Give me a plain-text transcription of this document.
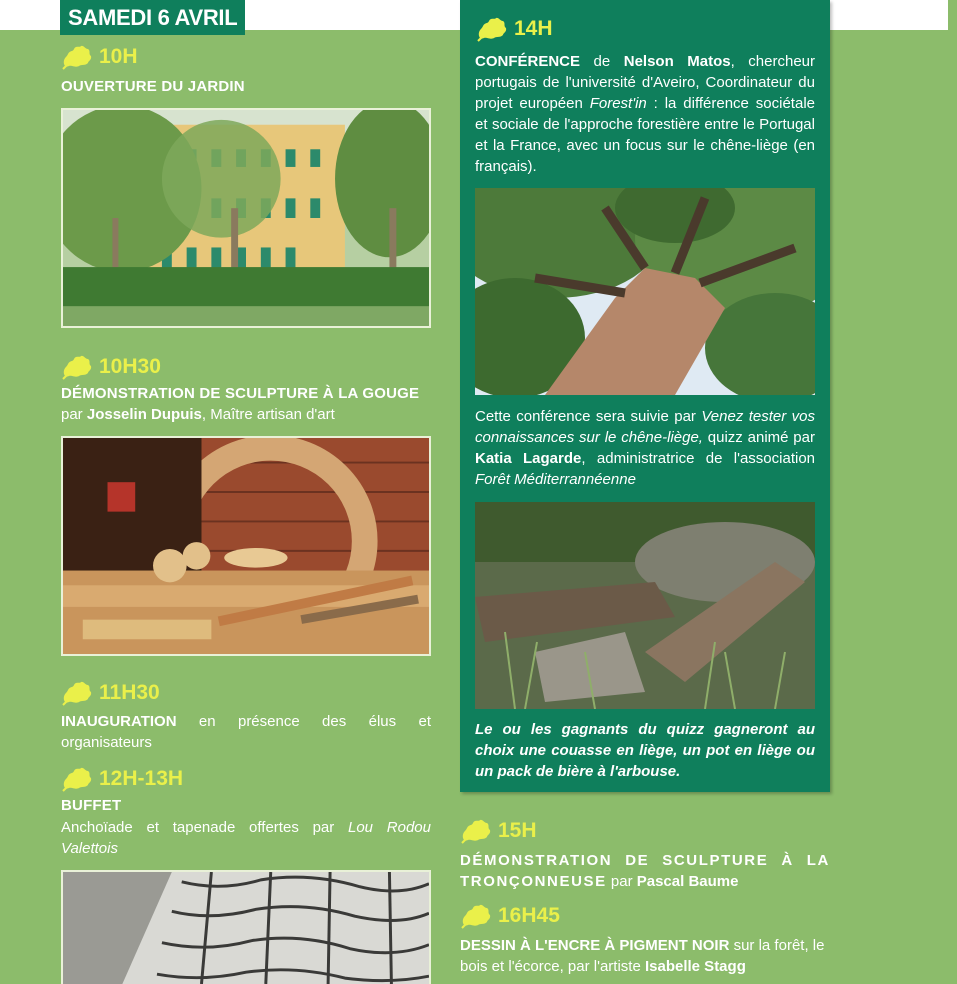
SAMEDI 6 AVRIL
10H
OUVERTURE DU JARDIN
10H30
DÉMONSTRATION DE SCULPTURE À LA GOUGE
par Josselin Dupuis, Maître artisan d'art
11H30
INAUGURATION en présence des élus et organisateurs
12H-13H
BUFFET
Anchoïade et tapenade offertes par Lou Rodou Valettois
14H
CONFÉRENCE de Nelson Matos, chercheur portugais de l'université d'Aveiro, Coordinateur du projet européen Forest'in : la différence sociétale et sociale de l'approche forestière entre le Portugal et la France, avec un focus sur le chêne-liège (en français).
Cette conférence sera suivie par Venez tester vos connaissances sur le chêne-liège, quizz animé par Katia Lagarde, administratrice de l'association Forêt Méditerrannéenne
Le ou les gagnants du quizz gagneront au choix une couasse en liège, un pot en liège ou un pack de bière à l'arbouse.
15H
DÉMONSTRATION DE SCULPTURE À LA TRONÇONNEUSE par Pascal Baume
16H45
DESSIN À L'ENCRE À PIGMENT NOIR sur la forêt, le bois et l'écorce, par l'artiste Isabelle Stagg
